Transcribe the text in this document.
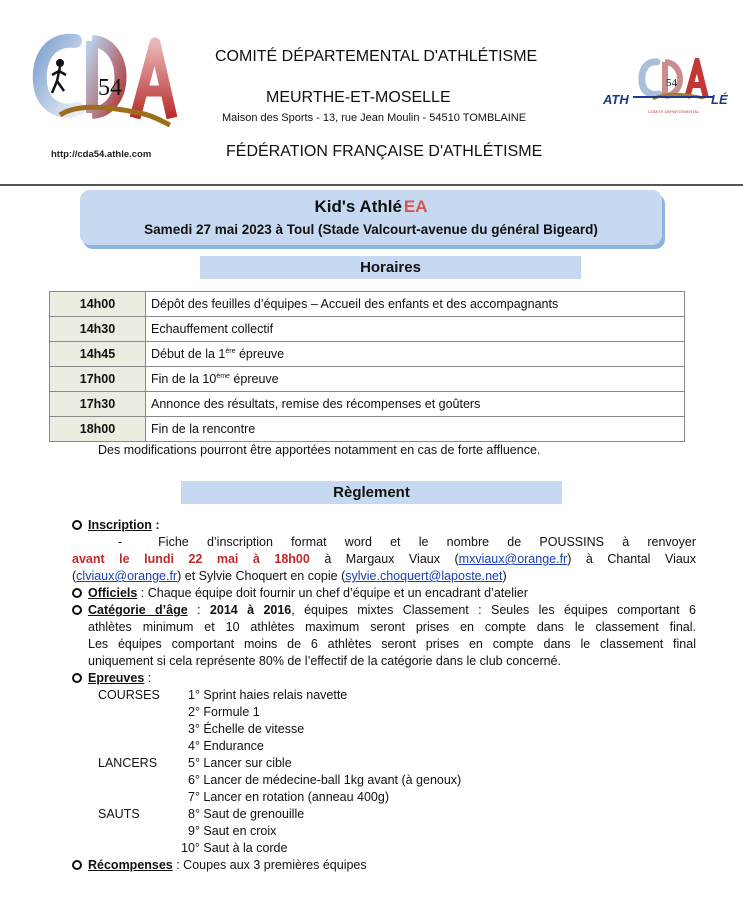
54
http://cda54.athle.com
COMITÉ DÉPARTEMENTAL D'ATHLÉTISME
MEURTHE-ET-MOSELLE
Maison des Sports - 13, rue Jean Moulin - 54510 TOMBLAINE
FÉDÉRATION FRANÇAISE D'ATHLÉTISME
54
ATH	LÉ
COMITE DEPARTEMENTAL
Kid's Athlé EA
Samedi 27 mai 2023 à Toul (Stade Valcourt-avenue du général Bigeard)
Horaires
14h00	Dépôt des feuilles d’équipes – Accueil des enfants et des accompagnants
14h30	Echauffement collectif
14h45	Début de la 1ère épreuve
17h00	Fin de la 10ème épreuve
17h30	Annonce des résultats, remise des récompenses et goûters
18h00	Fin de la rencontre
Des modifications pourront être apportées notamment en cas de forte affluence.
Règlement
Inscription :
-	Fiche d’inscription format word et le nombre de POUSSINS à renvoyer
avant le lundi 22 mai à 18h00 à Margaux Viaux (mxviaux@orange.fr) à Chantal Viaux
(clviaux@orange.fr) et Sylvie Choquert en copie (sylvie.choquert@laposte.net)
Officiels : Chaque équipe doit fournir un chef d’équipe et un encadrant d’atelier
Catégorie d’âge : 2014 à 2016, équipes mixtes Classement : Seules les équipes comportant 6
athlètes minimum et 10 athlètes maximum seront prises en compte dans le classement final.
Les équipes comportant moins de 6 athlètes seront prises en compte dans le classement final
uniquement si cela représente 80% de l’effectif de la catégorie dans le club concerné.
Epreuves :
COURSES	1° Sprint haies relais navette
2° Formule 1
3° Échelle de vitesse
4° Endurance
LANCERS	5° Lancer sur cible
6° Lancer de médecine-ball 1kg avant (à genoux)
7° Lancer en rotation (anneau 400g)
SAUTS	8° Saut de grenouille
9° Saut en croix
10° Saut à la corde
Récompenses : Coupes aux 3 premières équipes
